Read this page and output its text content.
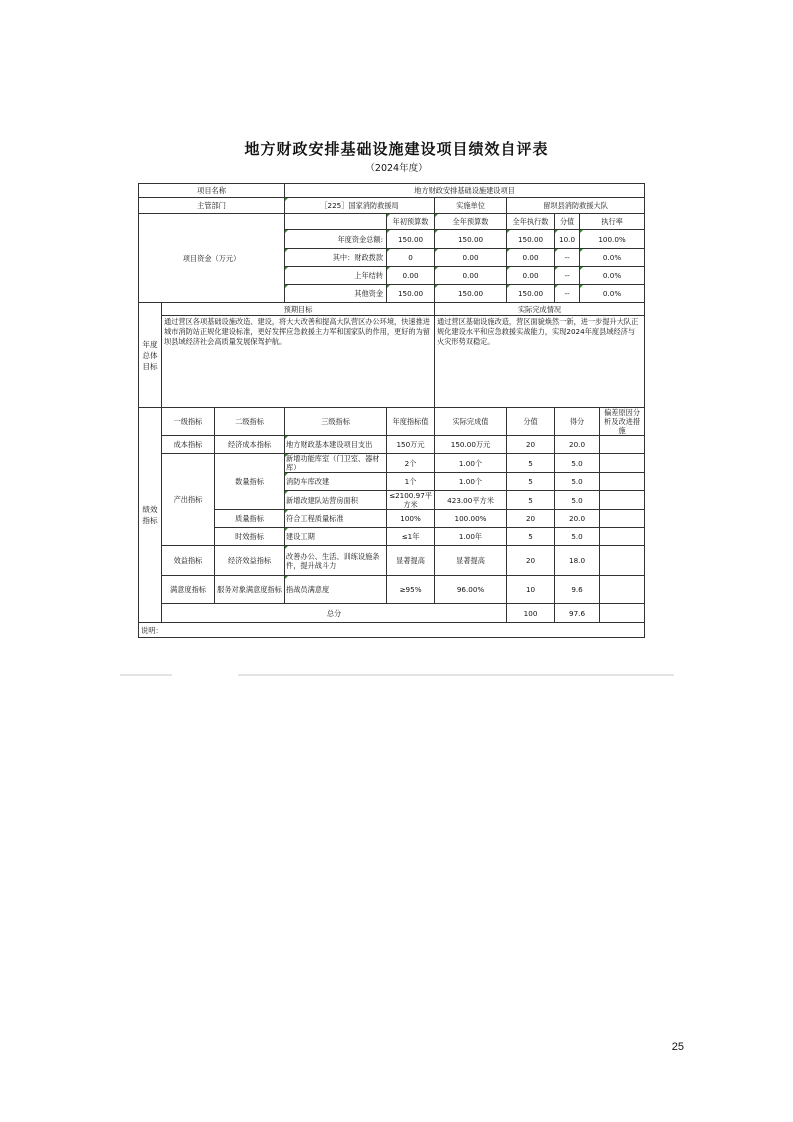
地方财政安排基础设施建设项目绩效自评表
（2024年度）
项目名称			地方财政安排基础设施建设项目							
主管部门			［225］国家消防救援局		实施单位	留坝县消防救援大队				
项目资金（万元）				年初预算数	全年预算数	全年执行数	分值	执行率	
			年度资金总额:	150.00	150.00	150.00	10.0	100.0%	
			其中：财政拨款	0	0.00	0.00	--	0.0%	
			上年结转	0.00	0.00	0.00	--	0.0%	
			其他资金	150.00	150.00	150.00	--	0.0%	
年度总体目标	预期目标				实际完成情况					
	通过营区各项基础设施改造、建设，将大大改善和提高大队营区办公环境，快速推进城市消防站正规化建设标准，更好发挥应急救援主力军和国家队的作用，更好的为留坝县域经济社会高质量发展保驾护航。				通过营区基础设施改造，营区面貌焕然一新，进一步提升大队正规化建设水平和应急救援实战能力，实现2024年度县域经济与火灾形势双稳定。					
绩效指标	一级指标	二级指标	三级指标	年度指标值	实际完成值	分值	得分		偏差原因分析及改进措施	
	成本指标	经济成本指标	地方财政基本建设项目支出	150万元	150.00万元	20	20.0			
	产出指标	数量指标	新增功能库室（门卫室、器材库）	2个	1.00个	5	5.0			
			消防车库改建	1个	1.00个	5	5.0			
			新增改建队站营房面积	≤2100.97平方米	423.00平方米	5	5.0			
		质量指标	符合工程质量标准	100%	100.00%	20	20.0			
		时效指标	建设工期	≤1年	1.00年	5	5.0			
	效益指标	经济效益指标	改善办公、生活、训练设施条件，提升战斗力	显著提高	显著提高	20	18.0			
	满意度指标	服务对象满意度指标	指战员满意度	≥95%	96.00%	10	9.6			
	总分					100	97.6			
说明：										
25
